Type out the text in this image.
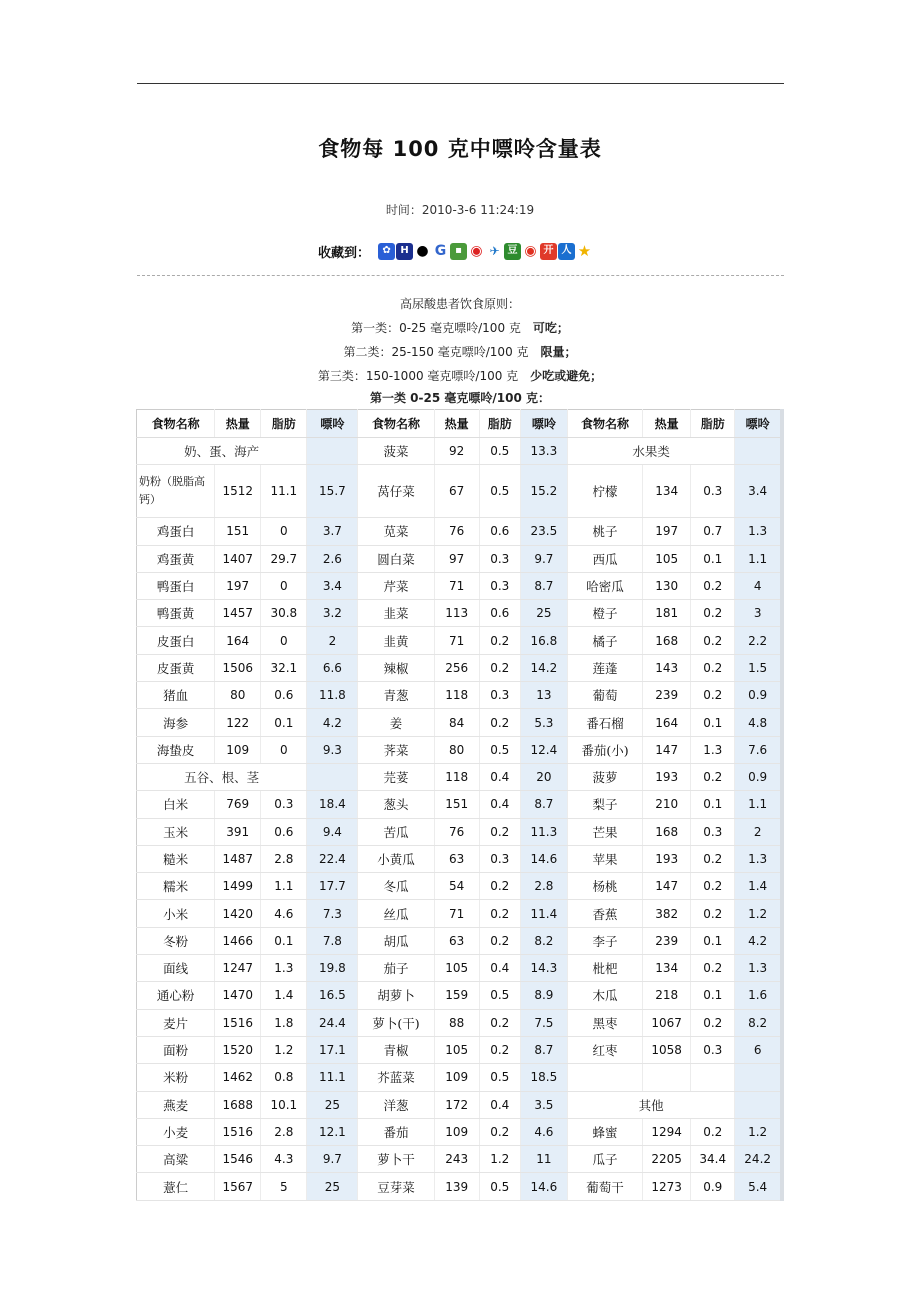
食物每 100 克中嘌呤含量表
时间：2010-3-6 11:24:19
收藏到：	✿ H ● G ▪ ◉ ✈ 豆 ◉ 开 人 ★
高尿酸患者饮食原则：
第一类：0-25 毫克嘌呤/100 克 可吃；
第二类：25-150 毫克嘌呤/100 克 限量；
第三类：150-1000 毫克嘌呤/100 克 少吃或避免；
第一类 0-25 毫克嘌呤/100 克：
食物名称	热量	脂肪	嘌呤	食物名称	热量	脂肪	嘌呤	食物名称	热量	脂肪	嘌呤
奶、蛋、海产				菠菜	92	0.5	13.3	水果类			
奶粉（脱脂高钙）	1512	11.1	15.7	莴仔菜	67	0.5	15.2	柠檬	134	0.3	3.4
鸡蛋白	151	0	3.7	苋菜	76	0.6	23.5	桃子	197	0.7	1.3
鸡蛋黄	1407	29.7	2.6	圆白菜	97	0.3	9.7	西瓜	105	0.1	1.1
鸭蛋白	197	0	3.4	芹菜	71	0.3	8.7	哈密瓜	130	0.2	4
鸭蛋黄	1457	30.8	3.2	韭菜	113	0.6	25	橙子	181	0.2	3
皮蛋白	164	0	2	韭黄	71	0.2	16.8	橘子	168	0.2	2.2
皮蛋黄	1506	32.1	6.6	辣椒	256	0.2	14.2	莲蓬	143	0.2	1.5
猪血	80	0.6	11.8	青葱	118	0.3	13	葡萄	239	0.2	0.9
海参	122	0.1	4.2	姜	84	0.2	5.3	番石榴	164	0.1	4.8
海蛰皮	109	0	9.3	荠菜	80	0.5	12.4	番茄(小)	147	1.3	7.6
五谷、根、茎				芫荽	118	0.4	20	菠萝	193	0.2	0.9
白米	769	0.3	18.4	葱头	151	0.4	8.7	梨子	210	0.1	1.1
玉米	391	0.6	9.4	苦瓜	76	0.2	11.3	芒果	168	0.3	2
糙米	1487	2.8	22.4	小黄瓜	63	0.3	14.6	苹果	193	0.2	1.3
糯米	1499	1.1	17.7	冬瓜	54	0.2	2.8	杨桃	147	0.2	1.4
小米	1420	4.6	7.3	丝瓜	71	0.2	11.4	香蕉	382	0.2	1.2
冬粉	1466	0.1	7.8	胡瓜	63	0.2	8.2	李子	239	0.1	4.2
面线	1247	1.3	19.8	茄子	105	0.4	14.3	枇杷	134	0.2	1.3
通心粉	1470	1.4	16.5	胡萝卜	159	0.5	8.9	木瓜	218	0.1	1.6
麦片	1516	1.8	24.4	萝卜(干)	88	0.2	7.5	黑枣	1067	0.2	8.2
面粉	1520	1.2	17.1	青椒	105	0.2	8.7	红枣	1058	0.3	6
米粉	1462	0.8	11.1	芥蓝菜	109	0.5	18.5				
燕麦	1688	10.1	25	洋葱	172	0.4	3.5	其他			
小麦	1516	2.8	12.1	番茄	109	0.2	4.6	蜂蜜	1294	0.2	1.2
高粱	1546	4.3	9.7	萝卜干	243	1.2	11	瓜子	2205	34.4	24.2
薏仁	1567	5	25	豆芽菜	139	0.5	14.6	葡萄干	1273	0.9	5.4
